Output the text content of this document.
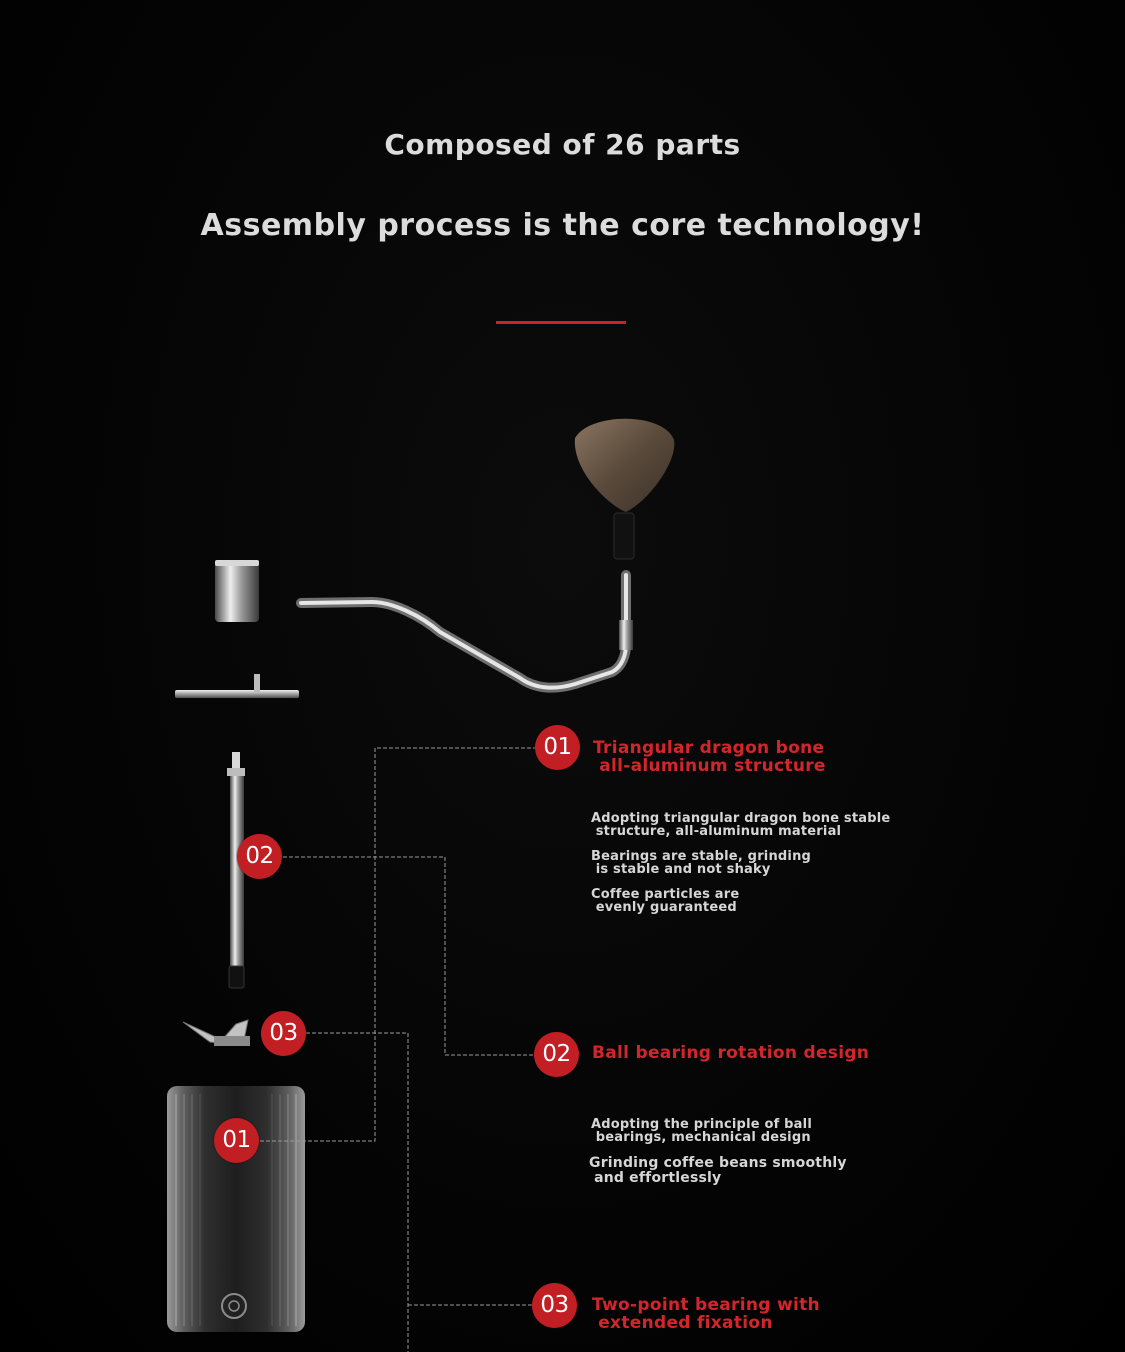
Composed of 26 parts
Assembly process is the core technology!
02
03
01
01	Triangular dragon bone
all-aluminum structure
Adopting triangular dragon bone stable
structure, all-aluminum material
Bearings are stable, grinding
is stable and not shaky
Coffee particles are
evenly guaranteed
02	Ball bearing rotation design
Adopting the principle of ball
bearings, mechanical design
Grinding coffee beans smoothly
and effortlessly
03	Two-point bearing with
extended fixation
